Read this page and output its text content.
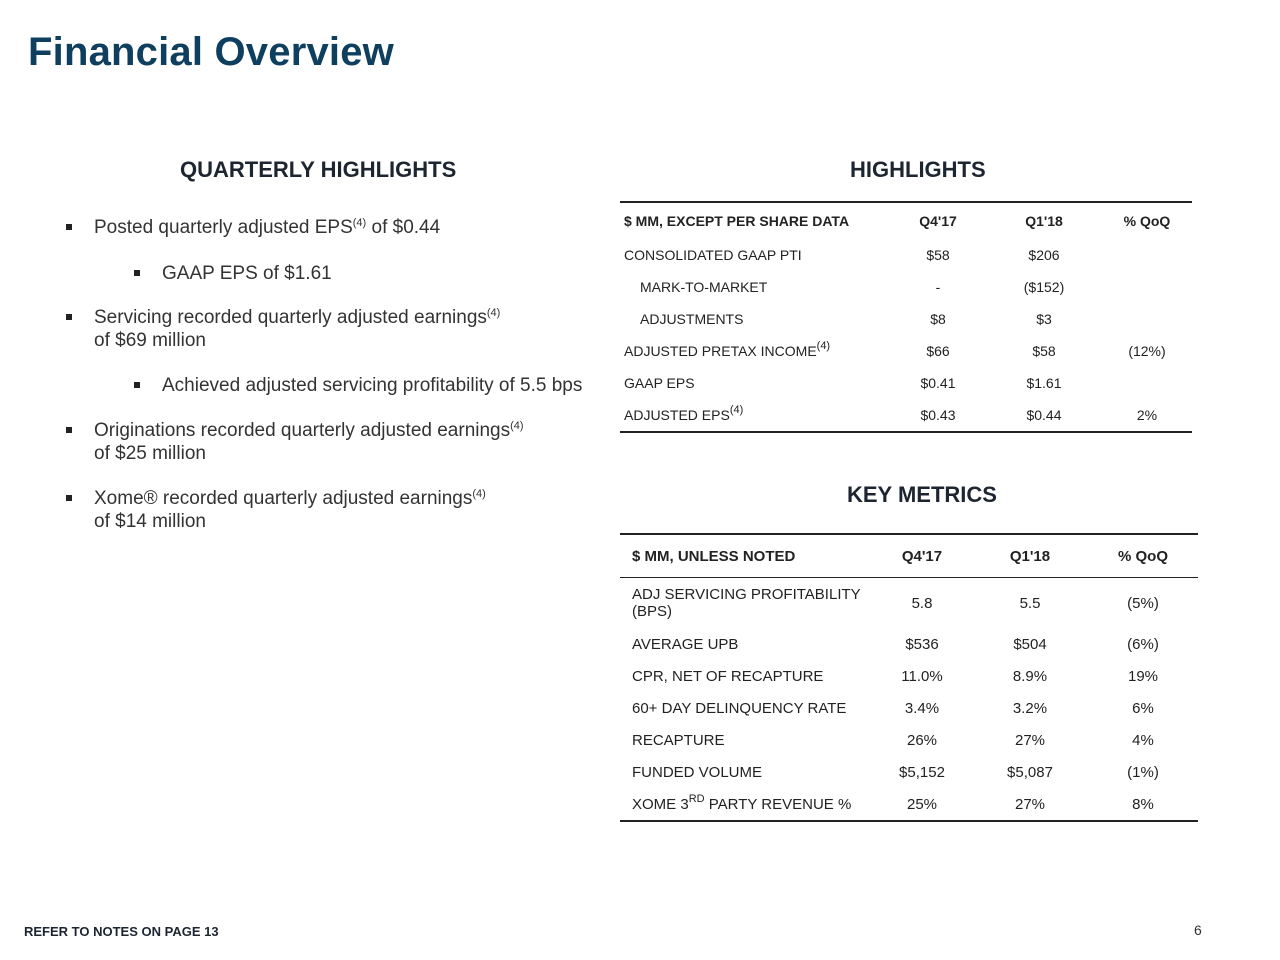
Financial Overview
QUARTERLY HIGHLIGHTS	HIGHLIGHTS
KEY METRICS
Posted quarterly adjusted EPS$^{(4)}$ of $0.44
GAAP EPS of $1.61
Servicing recorded quarterly adjusted earnings$^{(4)}$
of $69 million
Achieved adjusted servicing profitability of 5.5 bps
Originations recorded quarterly adjusted earnings$^{(4)}$
of $25 million
Xome® recorded quarterly adjusted earnings$^{(4)}$
of $14 million
$ MM, EXCEPT PER SHARE DATA	Q4'17	Q1'18	% QoQ
CONSOLIDATED GAAP PTI	$58	$206	
MARK-TO-MARKET	-	($152)	
ADJUSTMENTS	$8	$3	
ADJUSTED PRETAX INCOME$^{(4)}$	$66	$58	(12%)
GAAP EPS	$0.41	$1.61	
ADJUSTED EPS$^{(4)}$	$0.43	$0.44	2%
$ MM, UNLESS NOTED	Q4'17	Q1'18	% QoQ
ADJ SERVICING PROFITABILITY (BPS)	5.8	5.5	(5%)
AVERAGE UPB	$536	$504	(6%)
CPR, NET OF RECAPTURE	11.0%	8.9%	19%
60+ DAY DELINQUENCY RATE	3.4%	3.2%	6%
RECAPTURE	26%	27%	4%
FUNDED VOLUME	$5,152	$5,087	(1%)
XOME 3RD PARTY REVENUE %	25%	27%	8%
REFER TO NOTES ON PAGE 13	6
